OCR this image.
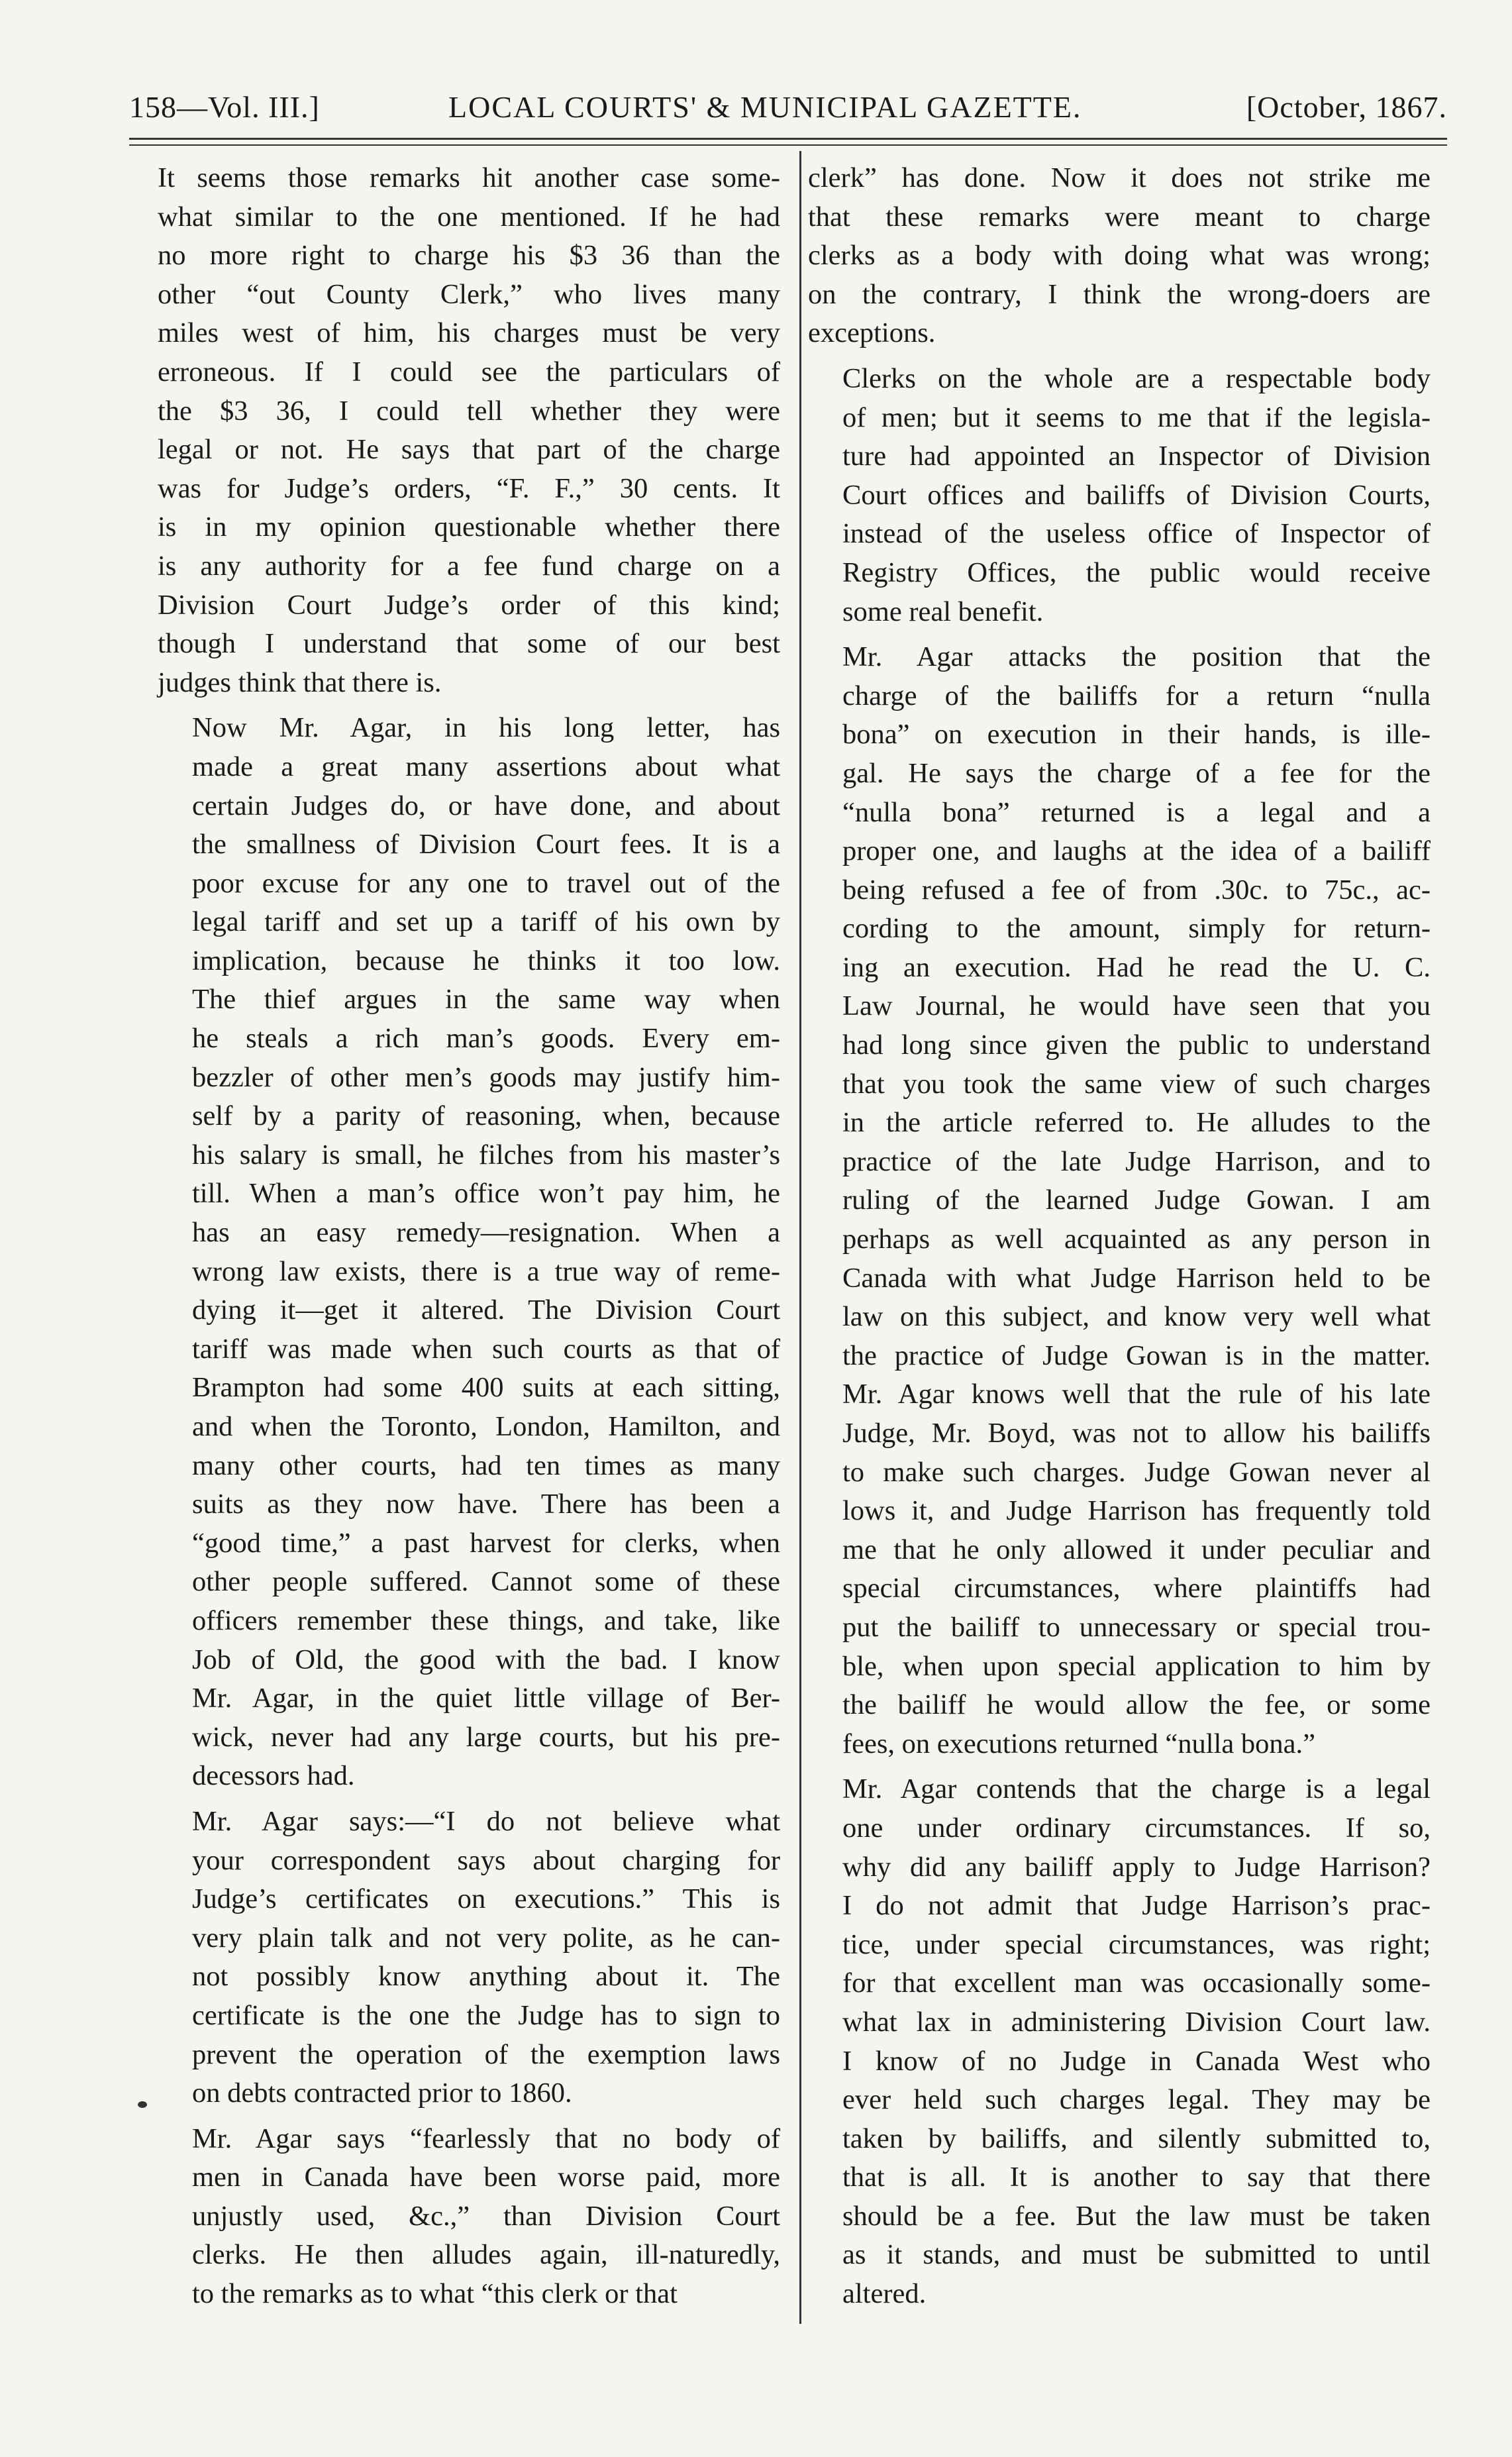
158—Vol. III.]	LOCAL COURTS' & MUNICIPAL GAZETTE.	[October, 1867.

It seems those remarks hit another case some-
what similar to the one mentioned. If he had
no more right to charge his $3 36 than the
other “out County Clerk,” who lives many
miles west of him, his charges must be very
erroneous. If I could see the particulars of
the $3 36, I could tell whether they were
legal or not. He says that part of the charge
was for Judge’s orders, “F. F.,” 30 cents. It
is in my opinion questionable whether there
is any authority for a fee fund charge on a
Division Court Judge’s order of this kind;
though I understand that some of our best
judges think that there is.

Now Mr. Agar, in his long letter, has
made a great many assertions about what
certain Judges do, or have done, and about
the smallness of Division Court fees. It is a
poor excuse for any one to travel out of the
legal tariff and set up a tariff of his own by
implication, because he thinks it too low.
The thief argues in the same way when
he steals a rich man’s goods. Every em-
bezzler of other men’s goods may justify him-
self by a parity of reasoning, when, because
his salary is small, he filches from his master’s
till. When a man’s office won’t pay him, he
has an easy remedy—resignation. When a
wrong law exists, there is a true way of reme-
dying it—get it altered. The Division Court
tariff was made when such courts as that of
Brampton had some 400 suits at each sitting,
and when the Toronto, London, Hamilton, and
many other courts, had ten times as many
suits as they now have. There has been a
“good time,” a past harvest for clerks, when
other people suffered. Cannot some of these
officers remember these things, and take, like
Job of Old, the good with the bad. I know
Mr. Agar, in the quiet little village of Ber-
wick, never had any large courts, but his pre-
decessors had.

Mr. Agar says:—“I do not believe what
your correspondent says about charging for
Judge’s certificates on executions.” This is
very plain talk and not very polite, as he can-
not possibly know anything about it. The
certificate is the one the Judge has to sign to
prevent the operation of the exemption laws
on debts contracted prior to 1860.

Mr. Agar says “fearlessly that no body of
men in Canada have been worse paid, more
unjustly used, &c.,” than Division Court
clerks. He then alludes again, ill-naturedly,
to the remarks as to what “this clerk or that

clerk” has done. Now it does not strike me
that these remarks were meant to charge
clerks as a body with doing what was wrong;
on the contrary, I think the wrong-doers are
exceptions.

Clerks on the whole are a respectable body
of men; but it seems to me that if the legisla-
ture had appointed an Inspector of Division
Court offices and bailiffs of Division Courts,
instead of the useless office of Inspector of
Registry Offices, the public would receive
some real benefit.

Mr. Agar attacks the position that the
charge of the bailiffs for a return “nulla
bona” on execution in their hands, is ille-
gal. He says the charge of a fee for the
“nulla bona” returned is a legal and a
proper one, and laughs at the idea of a bailiff
being refused a fee of from .30c. to 75c., ac-
cording to the amount, simply for return-
ing an execution. Had he read the U. C.
Law Journal, he would have seen that you
had long since given the public to understand
that you took the same view of such charges
in the article referred to. He alludes to the
practice of the late Judge Harrison, and to
ruling of the learned Judge Gowan. I am
perhaps as well acquainted as any person in
Canada with what Judge Harrison held to be
law on this subject, and know very well what
the practice of Judge Gowan is in the matter.
Mr. Agar knows well that the rule of his late
Judge, Mr. Boyd, was not to allow his bailiffs
to make such charges. Judge Gowan never al
lows it, and Judge Harrison has frequently told
me that he only allowed it under peculiar and
special circumstances, where plaintiffs had
put the bailiff to unnecessary or special trou-
ble, when upon special application to him by
the bailiff he would allow the fee, or some
fees, on executions returned “nulla bona.”

Mr. Agar contends that the charge is a legal
one under ordinary circumstances. If so,
why did any bailiff apply to Judge Harrison?
I do not admit that Judge Harrison’s prac-
tice, under special circumstances, was right;
for that excellent man was occasionally some-
what lax in administering Division Court law.
I know of no Judge in Canada West who
ever held such charges legal. They may be
taken by bailiffs, and silently submitted to,
that is all. It is another to say that there
should be a fee. But the law must be taken
as it stands, and must be submitted to until
altered.
